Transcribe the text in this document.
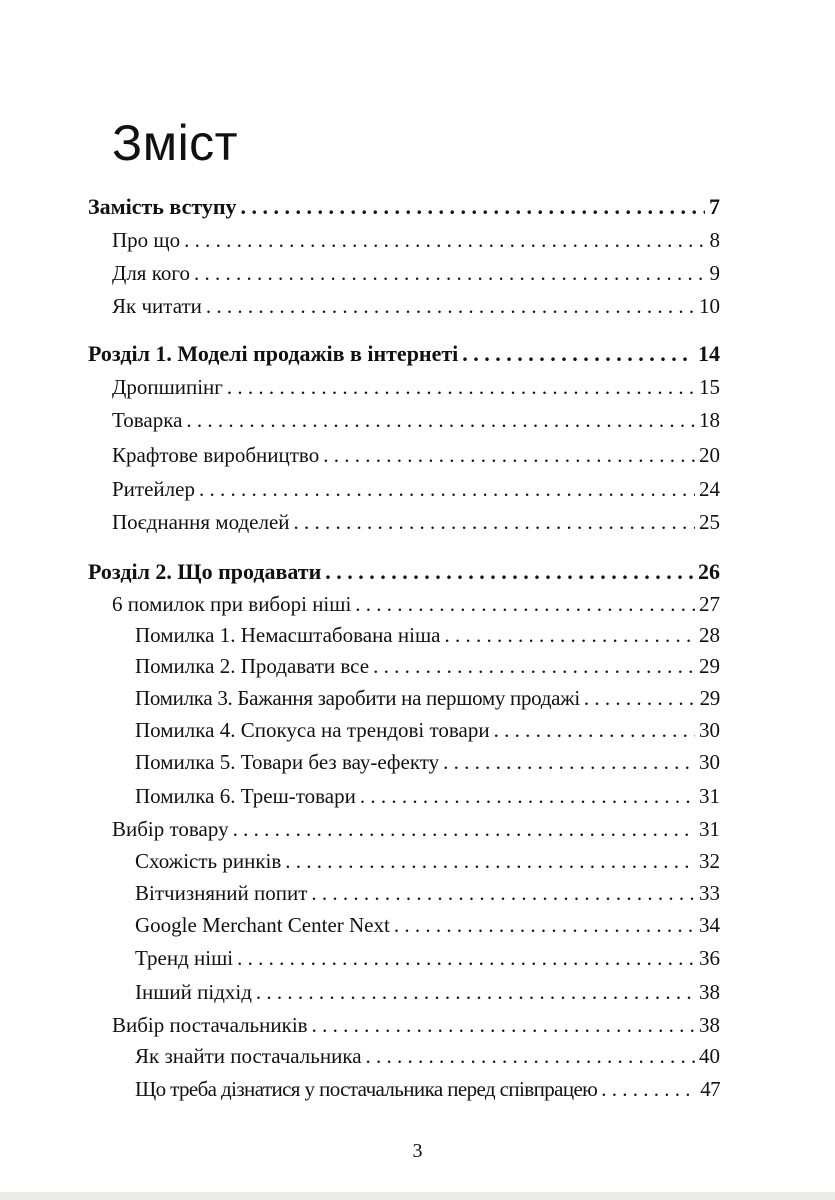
Зміст
Замість вступу . . .	7
Про що . . .	8
Для кого . . .	9
Як читати . . .	10
Розділ 1. Моделі продажів в інтернеті . . .	14
Дропшипінг . . .	15
Товарка . . .	18
Крафтове виробництво . . .	20
Ритейлер . . .	24
Поєднання моделей . . .	25
Розділ 2. Що продавати . . .	26
6 помилок при виборі ніші . . .	27
Помилка 1. Немасштабована ніша . . .	28
Помилка 2. Продавати все . . .	29
Помилка 3. Бажання заробити на першому продажі . . .	29
Помилка 4. Спокуса на трендові товари . . .	30
Помилка 5. Товари без вау-ефекту . . .	30
Помилка 6. Треш-товари . . .	31
Вибір товару . . .	31
Схожість ринків . . .	32
Вітчизняний попит . . .	33
Google Merchant Center Next . . .	34
Тренд ніші . . .	36
Інший підхід . . .	38
Вибір постачальників . . .	38
Як знайти постачальника . . .	40
Що треба дізнатися у постачальника перед співпрацею . . .	47
3
